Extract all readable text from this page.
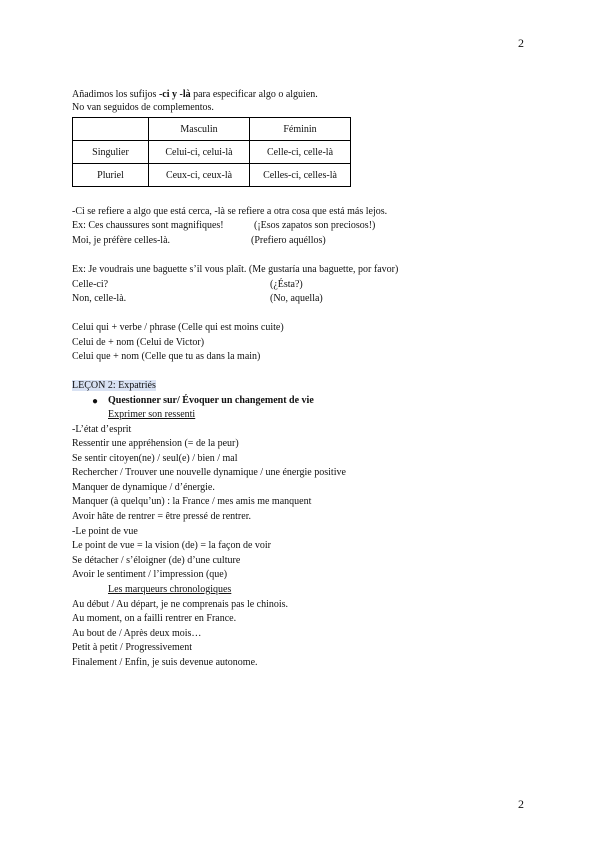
2
2
Añadimos los sufijos -ci y -là para especificar algo o alguien.
No van seguidos de complementos.
	Masculin	Féminin
Singulier	Celui-ci, celui-là	Celle-ci, celle-là
Pluriel	Ceux-ci, ceux-là	Celles-ci, celles-là
-Ci se refiere a algo que está cerca, -là se refiere a otra cosa que está más lejos.
Ex: Ces chaussures sont magnifiques!	(¡Esos zapatos son preciosos!)
Moi, je préfère celles-là.	(Prefiero aquéllos)
Ex: Je voudrais une baguette s’il vous plaît. (Me gustaría una baguette, por favor)
Celle-ci?	(¿Ésta?)
Non, celle-là.	(No, aquella)
Celui qui + verbe / phrase (Celle qui est moins cuite)
Celui de + nom (Celui de Victor)
Celui que + nom (Celle que tu as dans la main)
LEÇON 2: Expatriés
● Questionner sur/ Évoquer un changement de vie
Exprimer son ressenti
-L’état d’esprit
Ressentir une appréhension (= de la peur)
Se sentir citoyen(ne) / seul(e) / bien / mal
Rechercher / Trouver une nouvelle dynamique / une énergie positive
Manquer de dynamique / d’énergie.
Manquer (à quelqu’un) : la France / mes amis me manquent
Avoir hâte de rentrer = être pressé de rentrer.
-Le point de vue
Le point de vue = la vision (de) = la façon de voir
Se détacher / s’éloigner (de) d’une culture
Avoir le sentiment / l’impression (que)
Les marqueurs chronologiques
Au début / Au départ, je ne comprenais pas le chinois.
Au moment, on a failli rentrer en France.
Au bout de / Après deux mois…
Petit à petit / Progressivement
Finalement / Enfin, je suis devenue autonome.
